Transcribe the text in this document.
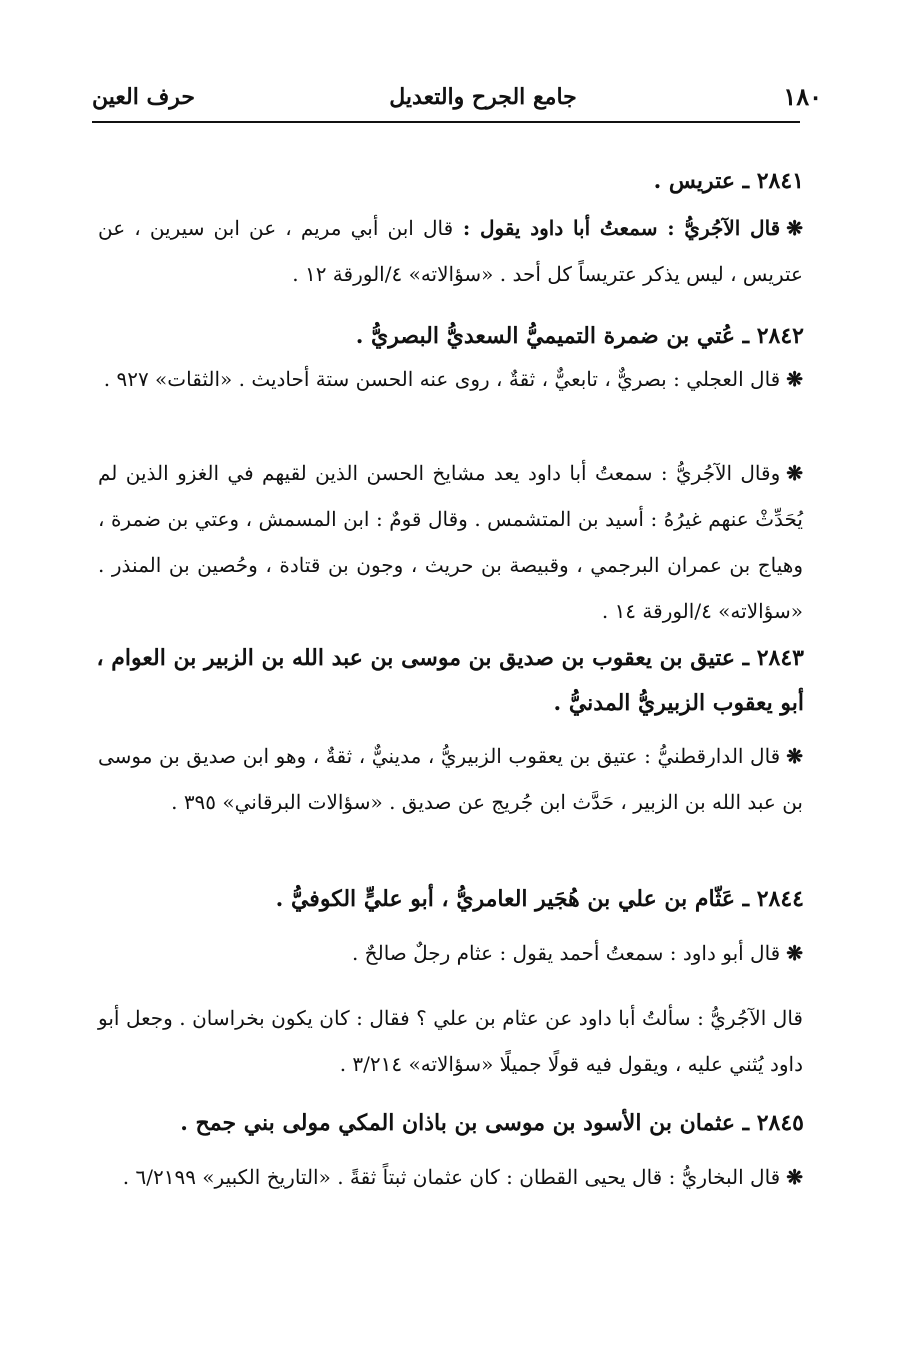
١٨٠
جامع الجرح والتعديل
حرف العين
٢٨٤١ ـ عتريس .
❋قال الآجُريُّ : سمعتُ أبا داود يقول : قال ابن أبي مريم ، عن ابن سيرين ، عن عتريس ، ليس يذكر عتريساً كل أحد . «سؤالاته» ٤/الورقة ١٢ .
٢٨٤٢ ـ عُتي بن ضمرة التميميُّ السعديُّ البصريُّ .
❋قال العجلي : بصريٌّ ، تابعيٌّ ، ثقةٌ ، روى عنه الحسن ستة أحاديث . «الثقات» ٩٢٧ .
❋وقال الآجُريُّ : سمعتُ أبا داود يعد مشايخ الحسن الذين لقيهم في الغزو الذين لم يُحَدِّثْ عنهم غيرُهُ : أسيد بن المتشمس . وقال قومٌ : ابن المسمش ، وعتي بن ضمرة ، وهياج بن عمران البرجمي ، وقبيصة بن حريث ، وجون بن قتادة ، وحُصين بن المنذر . «سؤالاته» ٤/الورقة ١٤ .
٢٨٤٣ ـ عتيق بن يعقوب بن صديق بن موسى بن عبد الله بن الزبير بن العوام ،
أبو يعقوب الزبيريُّ المدنيُّ .
❋قال الدارقطنيُّ : عتيق بن يعقوب الزبيريُّ ، مدينيٌّ ، ثقةٌ ، وهو ابن صديق بن موسى بن عبد الله بن الزبير ، حَدَّث ابن جُريج عن صديق . «سؤالات البرقاني» ٣٩٥ .
٢٨٤٤ ـ عَثّام بن علي بن هُجَير العامريُّ ، أبو عليٍّ الكوفيُّ .
❋قال أبو داود : سمعتُ أحمد يقول : عثام رجلٌ صالحٌ .
قال الآجُريُّ : سألتُ أبا داود عن عثام بن علي ؟ فقال : كان يكون بخراسان . وجعل أبو داود يُثني عليه ، ويقول فيه قولًا جميلًا «سؤالاته» ٣/٢١٤ .
٢٨٤٥ ـ عثمان بن الأسود بن موسى بن باذان المكي مولى بني جمح .
❋قال البخاريُّ : قال يحيى القطان : كان عثمان ثبتاً ثقةً . «التاريخ الكبير» ٦/٢١٩٩ .
